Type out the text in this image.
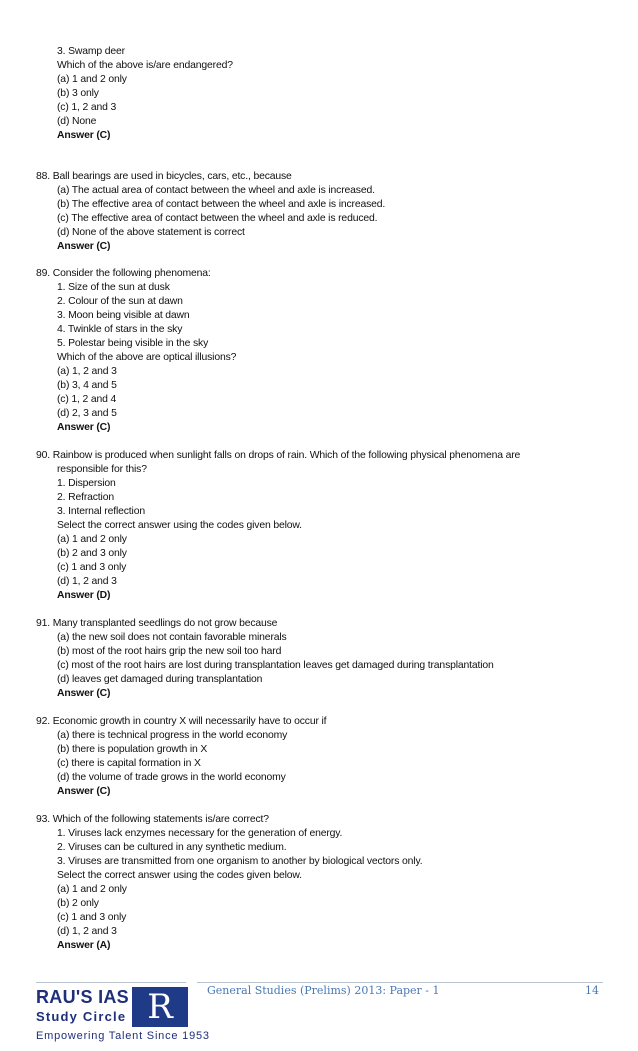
3. Swamp deer
Which of the above is/are endangered?
(a) 1 and 2 only
(b) 3 only
(c) 1, 2 and 3
(d) None
Answer (C)
88. Ball bearings are used in bicycles, cars, etc., because
(a) The actual area of contact between the wheel and axle is increased.
(b) The effective area of contact between the wheel and axle is increased.
(c) The effective area of contact between the wheel and axle is reduced.
(d) None of the above statement is correct
Answer (C)
89. Consider the following phenomena:
1. Size of the sun at dusk
2. Colour of the sun at dawn
3. Moon being visible at dawn
4. Twinkle of stars in the sky
5. Polestar being visible in the sky
Which of the above are optical illusions?
(a) 1, 2 and 3
(b) 3, 4 and 5
(c) 1, 2 and 4
(d) 2, 3 and 5
Answer (C)
90. Rainbow is produced when sunlight falls on drops of rain. Which of the following physical phenomena are
responsible for this?
1. Dispersion
2. Refraction
3. Internal reflection
Select the correct answer using the codes given below.
(a) 1 and 2 only
(b) 2 and 3 only
(c) 1 and 3 only
(d) 1, 2 and 3
Answer (D)
91. Many transplanted seedlings do not grow because
(a) the new soil does not contain favorable minerals
(b) most of the root hairs grip the new soil too hard
(c) most of the root hairs are lost during transplantation leaves get damaged during transplantation
(d) leaves get damaged during transplantation
Answer (C)
92. Economic growth in country X will necessarily have to occur if
(a) there is technical progress in the world economy
(b) there is population growth in X
(c) there is capital formation in X
(d) the volume of trade grows in the world economy
Answer (C)
93. Which of the following statements is/are correct?
1. Viruses lack enzymes necessary for the generation of energy.
2. Viruses can be cultured in any synthetic medium.
3. Viruses are transmitted from one organism to another by biological vectors only.
Select the correct answer using the codes given below.
(a) 1 and 2 only
(b) 2 only
(c) 1 and 3 only
(d) 1, 2 and 3
Answer (A)
General Studies (Prelims) 2013: Paper - 1	14
RAU'S IAS
Study Circle R
Empowering Talent Since 1953
